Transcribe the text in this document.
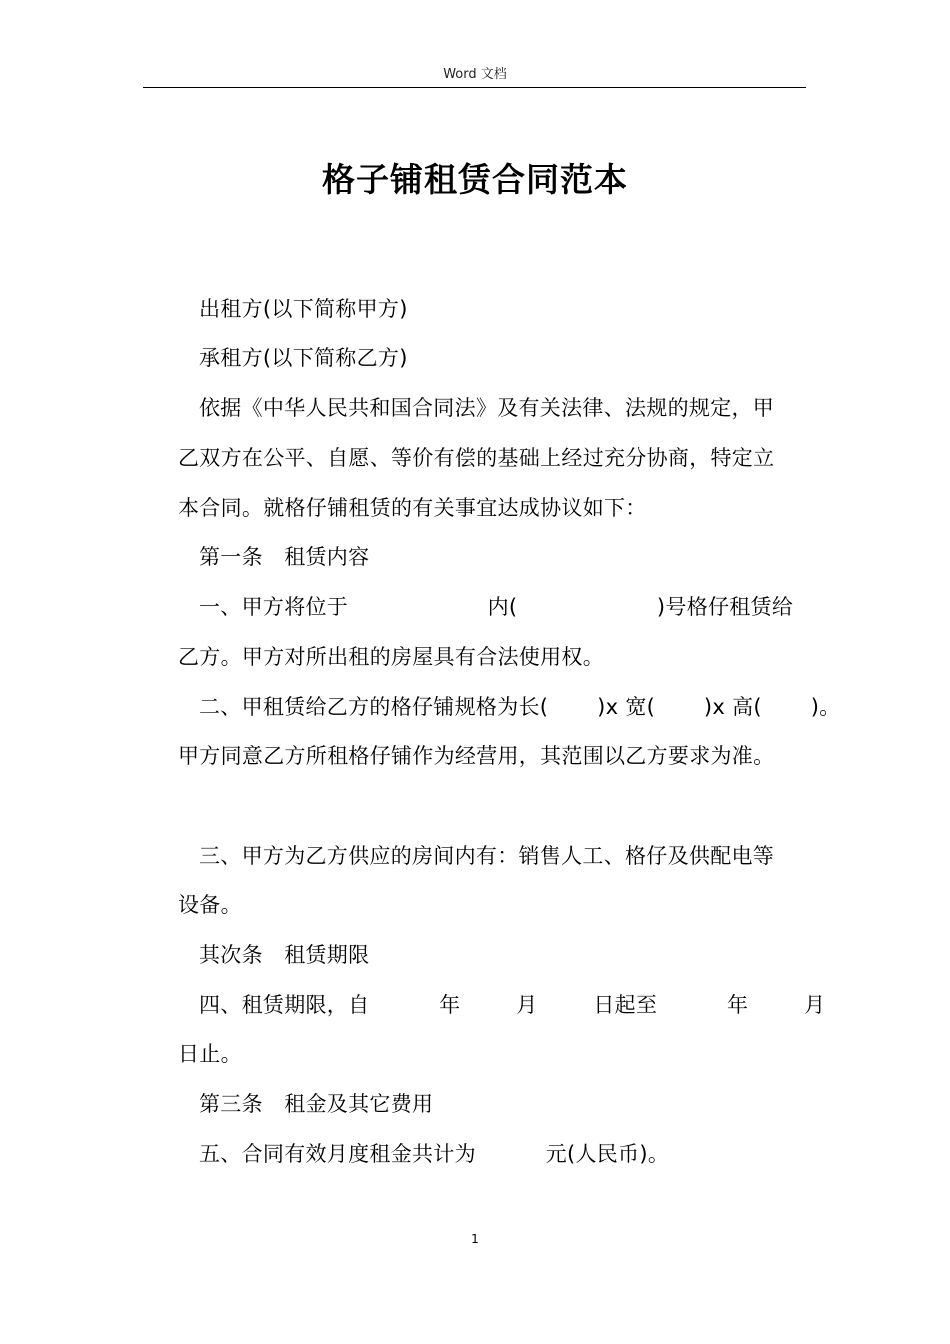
Word 文档
格子铺租赁合同范本
出租方(以下简称甲方)
承租方(以下简称乙方)
依据《中华人民共和国合同法》及有关法律、法规的规定，甲
乙双方在公平、自愿、等价有偿的基础上经过充分协商，特定立
本合同。就格仔铺租赁的有关事宜达成协议如下：
第一条　租赁内容
一、甲方将位于                    内(                    )号格仔租赁给
乙方。甲方对所出租的房屋具有合法使用权。
二、甲租赁给乙方的格仔铺规格为长(       )x 宽(       )x 高(       )。
甲方同意乙方所租格仔铺作为经营用，其范围以乙方要求为准。
三、甲方为乙方供应的房间内有：销售人工、格仔及供配电等
设备。
其次条　租赁期限
四、租赁期限，自          年        月        日起至          年        月
日止。
第三条　租金及其它费用
五、合同有效月度租金共计为          元(人民币)。
1
